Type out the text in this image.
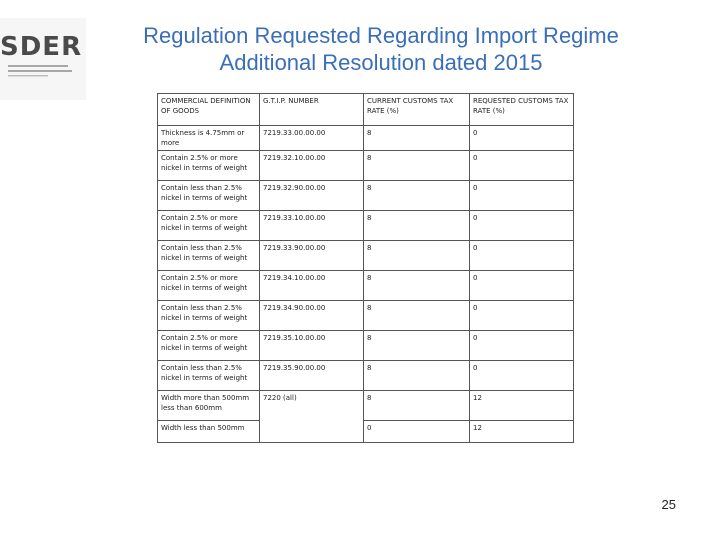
SDER	Regulation Requested Regarding Import Regime
Additional Resolution dated 2015
COMMERCIAL DEFINITION OF GOODS	G.T.I.P. NUMBER	CURRENT CUSTOMS TAX RATE (%)	REQUESTED CUSTOMS TAX RATE (%)
Thickness is 4.75mm or more	7219.33.00.00.00	8	0
Contain 2.5% or more nickel in terms of weight	7219.32.10.00.00	8	0
Contain less than 2.5% nickel in terms of weight	7219.32.90.00.00	8	0
Contain 2.5% or more nickel in terms of weight	7219.33.10.00.00	8	0
Contain less than 2.5% nickel in terms of weight	7219.33.90.00.00	8	0
Contain 2.5% or more nickel in terms of weight	7219.34.10.00.00	8	0
Contain less than 2.5% nickel in terms of weight	7219.34.90.00.00	8	0
Contain 2.5% or more nickel in terms of weight	7219.35.10.00.00	8	0
Contain less than 2.5% nickel in terms of weight	7219.35.90.00.00	8	0
Width more than 500mm less than 600mm	7220 (all)	8	12
Width less than 500mm		0	12
25
